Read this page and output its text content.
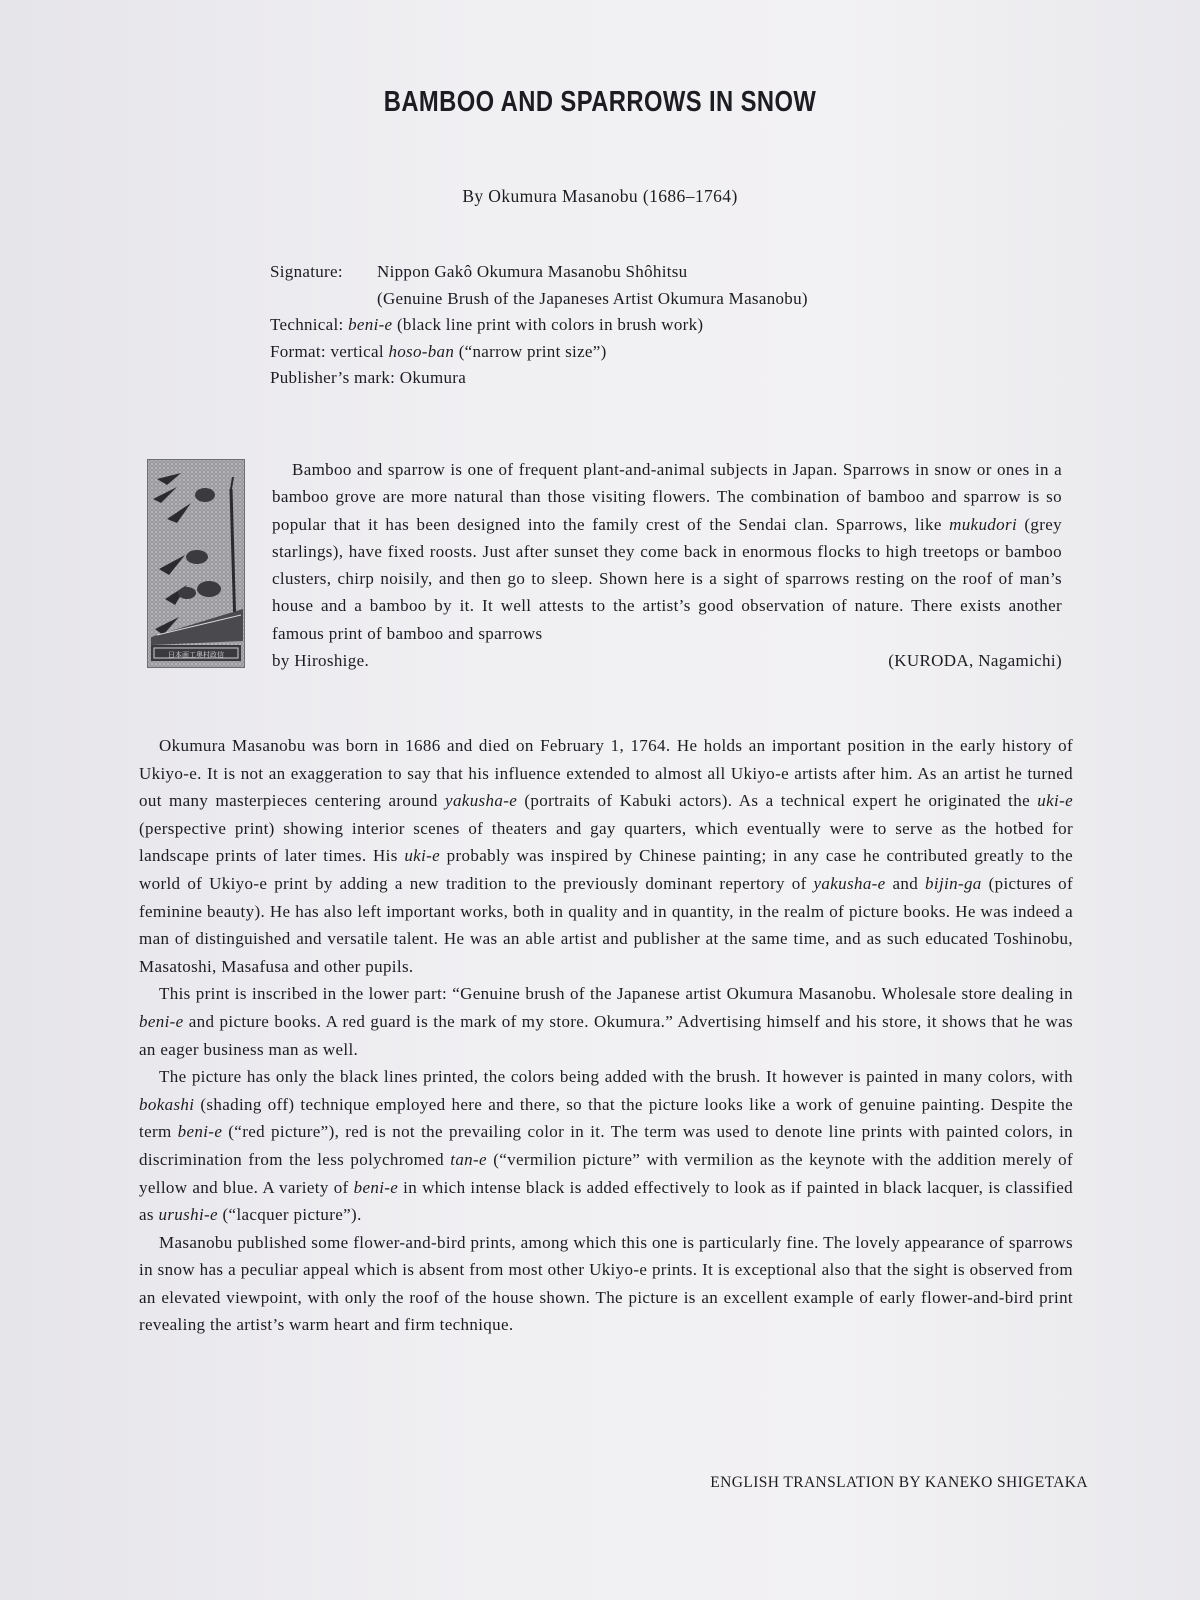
BAMBOO AND SPARROWS IN SNOW
By Okumura Masanobu (1686–1764)
Signature:	Nippon Gakô Okumura Masanobu Shôhitsu
(Genuine Brush of the Japaneses Artist Okumura Masanobu)
Technical:
beni-e
(black line print with colors in brush work)
Format:
vertical
hoso-ban
(“narrow print size”)
Publisher’s mark:
Okumura
日本画工奥村政信
Bamboo and sparrow is one of frequent plant-and-animal subjects in Japan. Sparrows in snow or ones in a bamboo grove are more natural than those visiting flowers. The combination of bamboo and sparrow is so popular that it has been designed into the family crest of the Sendai clan. Sparrows, like mukudori (grey starlings), have fixed roosts. Just after sunset they come back in enormous flocks to high treetops or bamboo clusters, chirp noisily, and then go to sleep. Shown here is a sight of sparrows resting on the roof of man’s house and a bamboo by it. It well attests to the artist’s good observation of nature. There exists another famous print of bamboo and sparrows
by Hiroshige.	(KURODA, Nagamichi)

Okumura Masanobu was born in 1686 and died on February 1, 1764. He holds an important position in the early history of Ukiyo-e. It is not an exaggeration to say that his influence extended to almost all Ukiyo-e artists after him. As an artist he turned out many masterpieces centering around yakusha-e (portraits of Kabuki actors). As a technical expert he originated the uki-e (perspective print) showing interior scenes of theaters and gay quarters, which eventually were to serve as the hotbed for landscape prints of later times. His uki-e probably was inspired by Chinese painting; in any case he contributed greatly to the world of Ukiyo-e print by adding a new tradition to the previously dominant repertory of yakusha-e and bijin-ga (pictures of feminine beauty). He has also left important works, both in quality and in quantity, in the realm of picture books. He was indeed a man of distinguished and versatile talent. He was an able artist and publisher at the same time, and as such educated Toshinobu, Masatoshi, Masafusa and other pupils.

This print is inscribed in the lower part: “Genuine brush of the Japanese artist Okumura Masanobu. Wholesale store dealing in beni-e and picture books. A red guard is the mark of my store. Okumura.” Advertising himself and his store, it shows that he was an eager business man as well.

The picture has only the black lines printed, the colors being added with the brush. It however is painted in many colors, with bokashi (shading off) technique employed here and there, so that the picture looks like a work of genuine painting. Despite the term beni-e (“red picture”), red is not the prevailing color in it. The term was used to denote line prints with painted colors, in discrimination from the less polychromed tan-e (“vermilion picture” with vermilion as the keynote with the addition merely of yellow and blue. A variety of beni-e in which intense black is added effectively to look as if painted in black lacquer, is classified as urushi-e (“lacquer picture”).

Masanobu published some flower-and-bird prints, among which this one is particularly fine. The lovely appearance of sparrows in snow has a peculiar appeal which is absent from most other Ukiyo-e prints. It is exceptional also that the sight is observed from an elevated viewpoint, with only the roof of the house shown. The picture is an excellent example of early flower-and-bird print revealing the artist’s warm heart and firm technique.

ENGLISH TRANSLATION BY KANEKO SHIGETAKA
